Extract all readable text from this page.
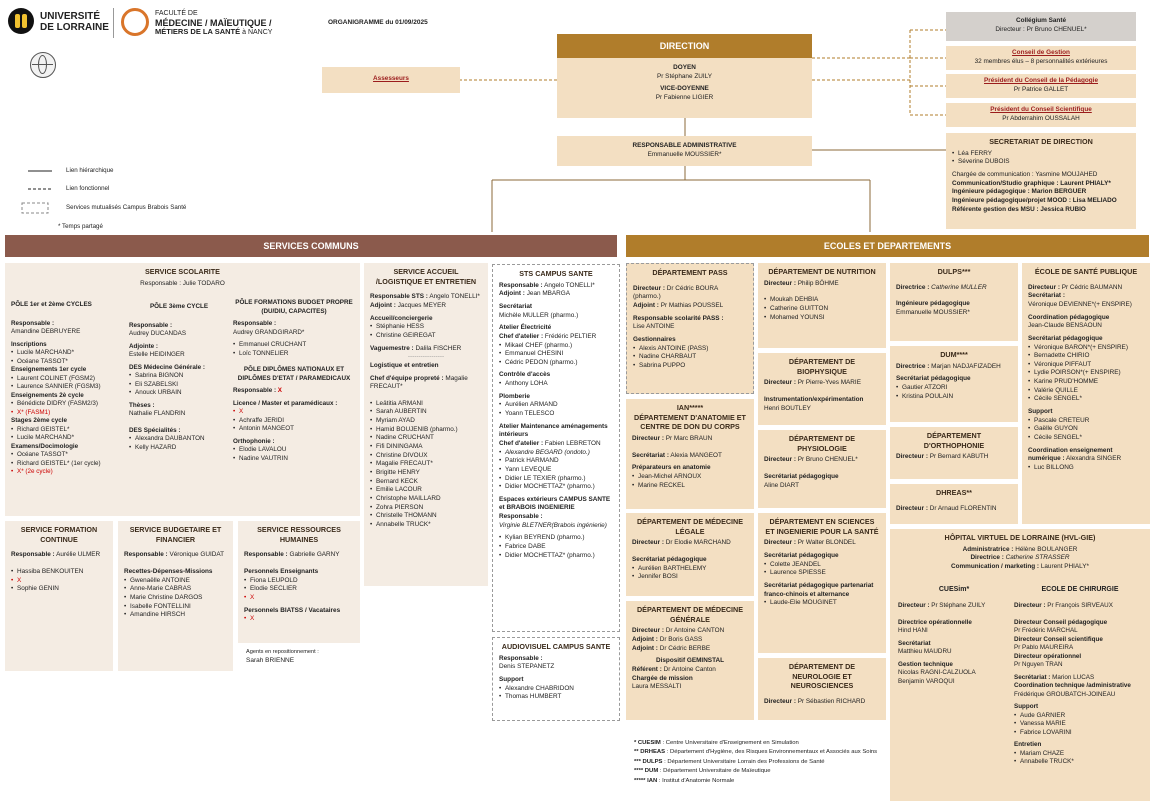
UNIVERSITÉ
DE LORRAINE
FACULTÉ DE
MÉDECINE / MAÏEUTIQUE /
MÉTIERS DE LA SANTÉ à NANCY
ORGANIGRAMME du 01/09/2025
Lien hiérarchique
Lien fonctionnel
Services mutualisés Campus Brabois Santé
* Temps partagé
DIRECTION
DOYEN
Pr Stéphane ZUILY
VICE-DOYENNE
Pr Fabienne LIGIER
RESPONSABLE ADMINISTRATIVE
Emmanuelle MOUSSIER*
Assesseurs
Collégium Santé
Directeur : Pr Bruno CHENUEL*
Conseil de Gestion
32 membres élus – 8 personnalités extérieures
Président du Conseil de la Pédagogie
Pr Patrice GALLET
Président du Conseil Scientifique
Pr Abderrahim OUSSALAH
SECRETARIAT DE DIRECTION
• Léa FERRY
• Séverine DUBOIS
Chargée de communication : Yasmine MOUJAHED
Communication/Studio graphique : Laurent PHIALY*
Ingénieure pédagogique : Marion BERGUER
Ingénieure pédagogique/projet MOOD : Lisa MELIADO
Référente gestion des MSU : Jessica RUBIO
SERVICES COMMUNS	ECOLES ET DEPARTEMENTS
SERVICE SCOLARITE
Responsable : Julie TODARO
PÔLE 1er et 2ème CYCLES
Responsable :
Amandine DEBRUYERE
Inscriptions
• Lucile MARCHAND*
• Océane TASSOT*
Enseignements 1er cycle
• Laurent COLINET (FGSM2)
• Laurence SANNIER (FGSM3)
Enseignements 2è cycle
• Bénédicte DIDRY (FASM2/3)
• X* (FASM1)
Stages 2ème cycle
• Richard GEISTEL*
• Lucile MARCHAND*
Examens/Docimologie
• Océane TASSOT*
• Richard GEISTEL* (1er cycle)
• X* (2e cycle)
PÔLE 3ème CYCLE
Responsable :
Audrey DUCANDAS
Adjointe :
Estelle HEIDINGER
DES Médecine Générale :
• Sabrina BIGNON
• Eli SZABELSKI
• Anouck URBAIN
Thèses :
Nathalie FLANDRIN
DES Spécialités :
• Alexandra DAUBANTON
• Kelly HAZARD
PÔLE FORMATIONS BUDGET PROPRE (DU/DIU, CAPACITES)
Responsable :
Audrey GRANDGIRARD*
• Emmanuel CRUCHANT
• Loïc TONNELIER
PÔLE DIPLÔMES NATIONAUX ET DIPLÔMES D'ETAT / PARAMEDICAUX
Responsable : X
Licence / Master et paramédicaux :
• X
• Achraffe JERIDI
• Antonin MANGEOT
Orthophonie :
• Elodie LAVALOU
• Nadine VAUTRIN
SERVICE FORMATION CONTINUE
Responsable : Aurélie ULMER
• Hassiba BENKOUITEN
• X
• Sophie GENIN
SERVICE BUDGETAIRE ET FINANCIER
Responsable : Véronique GUIDAT
Recettes-Dépenses-Missions
• Gwenaëlle ANTOINE
• Anne-Marie CABRAS
• Marie Christine DARGOS
• Isabelle FONTELLINI
• Amandine HIRSCH
SERVICE RESSOURCES HUMAINES
Responsable : Gabrielle GARNY
Personnels Enseignants
• Fiona LEUPOLD
• Elodie SECLIER
• X
Personnels BIATSS / Vacataires
• X
Agents en repositionnement :
Sarah BRIENNE
SERVICE ACCUEIL /LOGISTIQUE ET ENTRETIEN
Responsable STS : Angelo TONELLI*
Adjoint : Jacques MEYER
Accueil/conciergerie
• Stéphanie HESS
• Christine GEIREGAT
Vaguemestre : Dalila FISCHER
-----------------
Logistique et entretien
Chef d'équipe propreté : Magalie FRECAUT*
• Leätitia ARMANI
• Sarah AUBERTIN
• Myriam AYAD
• Hamid BOUJENIB (pharmo.)
• Nadine CRUCHANT
• Fifi DININGAMA
• Christine DIVOUX
• Magalie FRECAUT*
• Brigitte HENRY
• Bernard KECK
• Emilie LACOUR
• Christophe MAILLARD
• Zohra PIERSON
• Christelle THOMANN
• Annabelle TRUCK*
STS CAMPUS SANTE
Responsable : Angelo TONELLI*
Adjoint : Jean MBARGA
Secrétariat
Michèle MULLER (pharmo.)
Atelier Électricité
Chef d'atelier : Frédéric PELTIER
• Mikael CHEF (pharmo.)
• Emmanuel CHESINI
• Cédric PEDON (pharmo.)
Contrôle d'accès
• Anthony LOHA
Plomberie
• Aurélien ARMAND
• Yoann TELESCO
Atelier Maintenance aménagements intérieurs
Chef d'atelier : Fabien LEBRETON
• Alexandre BEGARD (ondoto.)
• Patrick HARMAND
• Yann LEVEQUE
• Didier LE TEXIER (pharmo.)
• Didier MOCHETTAZ* (pharmo.)
Espaces extérieurs CAMPUS SANTE et BRABOIS INGENIERIE
Responsable :
Virginie BLETNER(Brabois ingénierie)
• Kylian BEYREND (pharmo.)
• Fabrice DABE
• Didier MOCHETTAZ* (pharmo.)
AUDIOVISUEL CAMPUS SANTE
Responsable :
Denis STEPANETZ
Support
• Alexandre CHABRIDON
• Thomas HUMBERT
DÉPARTEMENT PASS
Directeur : Dr Cédric BOURA (pharmo.)
Adjoint : Pr Mathias POUSSEL
Responsable scolarité PASS :
Lise ANTOINE
Gestionnaires
• Alexis ANTOINE (PASS)
• Nadine CHARBAUT
• Sabrina PUPPO
IAN*****
DÉPARTEMENT D'ANATOMIE ET CENTRE DE DON DU CORPS
Directeur : Pr Marc BRAUN
Secrétariat : Alexia MANGEOT
Préparateurs en anatomie
• Jean-Michel ARNOUX
• Marine RECKEL
DÉPARTEMENT DE MÉDECINE LÉGALE
Directeur : Dr Elodie MARCHAND
Secrétariat pédagogique
• Aurélien BARTHELEMY
• Jennifer BOSI
DÉPARTEMENT DE MÉDECINE GÉNÉRALE
Directeur : Dr Antoine CANTON
Adjoint : Dr Boris GASS
Adjoint : Dr Cédric BERBE
Dispositif GEMINSTAL
Référent : Dr Antoine Canton
Chargée de mission
Laura MESSALTI
DÉPARTEMENT DE NUTRITION
Directeur : Philip BÖHME
• Moukah DEHBIA
• Catherine GUITTON
• Mohamed YOUNSI
DÉPARTEMENT DE BIOPHYSIQUE
Directeur : Pr Pierre-Yves MARIE
Instrumentation/expérimentation
Henri BOUTLEY
DÉPARTEMENT DE PHYSIOLOGIE
Directeur : Pr Bruno CHENUEL*
Secrétariat pédagogique
Aline DIART
DÉPARTEMENT EN SCIENCES ET INGENIERIE POUR LA SANTÉ
Directeur : Pr Walter BLONDEL
Secrétariat pédagogique
• Colette JEANDEL
• Laurence SPIESSE
Secrétariat pédagogique partenariat franco-chinois et alternance
• Laude-Elie MOUGINET
DÉPARTEMENT DE NEUROLOGIE ET NEUROSCIENCES
Directeur : Pr Sébastien RICHARD
DULPS***
Directrice : Catherine MULLER
Ingénieure pédagogique
Emmanuelle MOUSSIER*
DUM****
Directrice : Marjan NADJAFIZADEH
Secrétariat pédagogique
• Gautier ATZORI
• Kristina POULAIN
DÉPARTEMENT D'ORTHOPHONIE
Directeur : Pr Bernard KABUTH
DHREAS**
Directeur : Dr Arnaud FLORENTIN
ÉCOLE DE SANTÉ PUBLIQUE
Directeur : Pr Cédric BAUMANN

Secrétariat :
Véronique DEVIENNE*(+ ENSPIRE)
Coordination pédagogique
Jean-Claude BENSAOUN
Secrétariat pédagogique
• Véronique BARON*(+ ENSPIRE)
• Bernadette CHIRIO
• Véronique PIFFAUT
• Lydie POIRSON*(+ ENSPIRE)
• Karine PRUD'HOMME
• Valérie QUILLE
• Cécile SENGEL*
Support
• Pascale CRETEUR
• Gaëlle GUYON
• Cécile SENGEL*
Coordination enseignement numérique : Alexandra SINGER
• Luc BILLONG
HÔPITAL VIRTUEL DE LORRAINE (HVL-GIE)
Administratrice : Hélène BOULANGER
Directrice : Catherine STRASSER
Communication / marketing : Laurent PHIALY*
CUESim*
Directeur : Pr Stéphane ZUILY
Directrice opérationnelle
Hind HANI
Secrétariat
Matthieu MAUDRU
Gestion technique
Nicolas RAGNI-CALZUOLA
Benjamin VAROQUI
ECOLE DE CHIRURGIE
Directeur : Pr François SIRVEAUX
Directeur Conseil pédagogique
Pr Frédéric MARCHAL
Directeur Conseil scientifique
Pr Pablo MAUREIRA
Directeur opérationnel
Pr Nguyen TRAN
Secrétariat : Marion LUCAS
Coordination technique /administrative
Frédérique GROUBATCH-JOINEAU
Support
• Aude GARNIER
• Vanessa MARIE
• Fabrice LOVARINI
Entretien
• Mariam CHAZE
• Annabelle TRUCK*
* CUESIM : Centre Universitaire d'Enseignement en Simulation
** DRHEAS : Département d'Hygiène, des Risques Environnementaux et Associés aux Soins
*** DULPS : Département Universitaire Lorrain des Professions de Santé
**** DUM : Département Universitaire de Maïeutique
***** IAN : Institut d'Anatomie Normale
